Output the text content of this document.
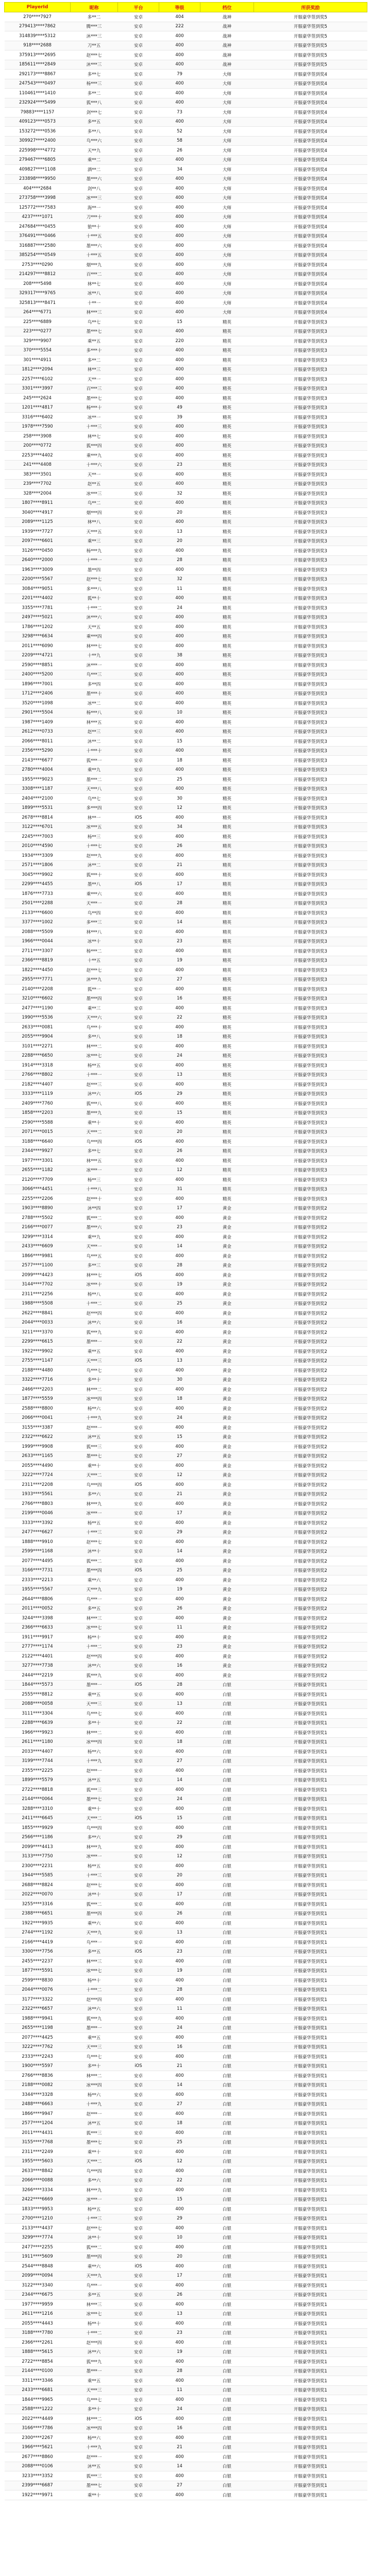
PlayerId	昵称	平台	等级	档位	所获奖励
270****7927	多**二	安卓	404	战神	开服豪华签到奖5
279413****7862	腾***三	安卓	222	战神	开服豪华签到奖5
314839****5312	沐***三	安卓	400	战神	开服豪华签到奖5
918****2688	刀**五	安卓	400	战神	开服豪华签到奖5
375913****2695	赵***七	安卓	400	战神	开服豪华签到奖5
185611****2849	沐***三	安卓	400	战神	开服豪华签到奖5
292173****8867	多**七	安卓	79	大师	开服豪华签到奖4
247543****0497	杨***三	安卓	400	大师	开服豪华签到奖4
110461****1410	多**二	安卓	400	大师	开服豪华签到奖4
232924****5499	狐***八	安卓	400	大师	开服豪华签到奖4
79883****1157	剑***七	安卓	73	大师	开服豪华签到奖4
409123****0573	多**五	安卓	400	大师	开服豪华签到奖4
153272****0536	多**八	安卓	52	大师	开服豪华签到奖4
309927****2400	鸟***六	安卓	58	大师	开服豪华签到奖4
225998****4772	天**九	安卓	26	大师	开服豪华签到奖4
279467****6805	乘**二	安卓	400	大师	开服豪华签到奖4
409827****1108	酒**二	安卓	34	大师	开服豪华签到奖4
233898****9950	墨***六	安卓	400	大师	开服豪华签到奖4
404****2684	剑**八	安卓	400	大师	开服豪华签到奖4
273758****3998	冰***三	安卓	400	大师	开服豪华签到奖4
125772****7583	海**一	安卓	400	大师	开服豪华签到奖4
4237****1071	刀***十	安卓	400	大师	开服豪华签到奖4
247684****0455	狼**十	安卓	400	大师	开服豪华签到奖4
376491****0466	十***五	安卓	400	大师	开服豪华签到奖4
316887****2580	墨***六	安卓	400	大师	开服豪华签到奖4
385254****0549	十***五	安卓	400	大师	开服豪华签到奖4
2753****0290	烟***九	安卓	400	大师	开服豪华签到奖4
214297****8812	百***二	安卓	400	大师	开服豪华签到奖4
208****5498	林**七	安卓	400	大师	开服豪华签到奖4
329317****9765	冰**八	安卓	400	大师	开服豪华签到奖4
325813****8471	十**一	安卓	400	大师	开服豪华签到奖4
264****6771	林***三	安卓	400	大师	开服豪华签到奖4
225****6889	鸟**七	安卓	15	精英	开服豪华签到奖3
223****0277	墨***七	安卓	400	精英	开服豪华签到奖3
329****9907	乘**五	安卓	220	精英	开服豪华签到奖3
370****5554	多***十	安卓	400	精英	开服豪华签到奖3
301****4911	多**二	安卓	400	精英	开服豪华签到奖3
1812****2094	林**三	安卓	400	精英	开服豪华签到奖3
2257****6102	天**一	安卓	400	精英	开服豪华签到奖3
3301****3997	百***三	安卓	400	精英	开服豪华签到奖3
245****2624	墨***七	安卓	400	精英	开服豪华签到奖3
1201****4817	杨***十	安卓	49	精英	开服豪华签到奖3
3316****6402	冰**一	安卓	39	精英	开服豪华签到奖3
1978****7590	十***三	安卓	400	精英	开服豪华签到奖3
258****3908	林**七	安卓	400	精英	开服豪华签到奖3
200****0772	狐***四	安卓	400	精英	开服豪华签到奖3
2253****4402	乘***九	安卓	400	精英	开服豪华签到奖3
241****4408	十***六	安卓	23	精英	开服豪华签到奖3
383****3501	天**一	安卓	400	精英	开服豪华签到奖3
239****7702	赵**五	安卓	400	精英	开服豪华签到奖3
328****2004	冰***三	安卓	32	精英	开服豪华签到奖3
1807****8911	鸟**二	安卓	400	精英	开服豪华签到奖3
3040****4917	烟***四	安卓	20	精英	开服豪华签到奖3
2089****1125	林**八	安卓	400	精英	开服豪华签到奖3
1939****7727	天***五	安卓	13	精英	开服豪华签到奖3
2097****6601	乘**三	安卓	20	精英	开服豪华签到奖3
3126****0450	杨***九	安卓	400	精英	开服豪华签到奖3
2640****2000	十***一	安卓	28	精英	开服豪华签到奖3
1963****3009	墨**四	安卓	400	精英	开服豪华签到奖3
2200****5567	赵***七	安卓	32	精英	开服豪华签到奖3
3084****9051	多***八	安卓	11	精英	开服豪华签到奖3
2201****4402	狐**十	安卓	400	精英	开服豪华签到奖3
3355****7781	十***二	安卓	24	精英	开服豪华签到奖3
2497****5021	沐***六	安卓	400	精英	开服豪华签到奖3
1786****1202	天**五	安卓	400	精英	开服豪华签到奖3
3298****6634	乘***四	安卓	400	精英	开服豪华签到奖3
2011****6090	林***七	安卓	400	精英	开服豪华签到奖3
2209****4721	十**九	安卓	38	精英	开服豪华签到奖3
2590****8851	沐***一	安卓	400	精英	开服豪华签到奖3
2400****5200	鸟***三	安卓	400	精英	开服豪华签到奖3
1896****7001	多**四	安卓	400	精英	开服豪华签到奖3
1712****2406	墨***十	安卓	400	精英	开服豪华签到奖3
3520****1098	冰**二	安卓	400	精英	开服豪华签到奖3
2901****5504	杨***八	安卓	10	精英	开服豪华签到奖3
1987****1409	林***五	安卓	400	精英	开服豪华签到奖3
2612****0733	赵**三	安卓	400	精英	开服豪华签到奖3
2066****8011	沐**二	安卓	15	精英	开服豪华签到奖3
2356****5290	十***十	安卓	400	精英	开服豪华签到奖3
2143****6677	狐***一	安卓	18	精英	开服豪华签到奖3
2780****4004	乘**九	安卓	400	精英	开服豪华签到奖3
1955****9023	墨***二	安卓	25	精英	开服豪华签到奖3
3308****1187	天***八	安卓	400	精英	开服豪华签到奖3
2404****2100	鸟**七	安卓	30	精英	开服豪华签到奖3
1899****5531	多***四	安卓	12	精英	开服豪华签到奖3
2678****8814	林**一	iOS	400	精英	开服豪华签到奖3
3122****6701	冰***五	安卓	34	精英	开服豪华签到奖3
2245****7003	杨**三	安卓	400	精英	开服豪华签到奖3
2010****4590	十***七	安卓	26	精英	开服豪华签到奖3
1934****3309	赵***九	安卓	400	精英	开服豪华签到奖3
2571****1806	沐**二	安卓	21	精英	开服豪华签到奖3
3045****9902	狐***十	安卓	400	精英	开服豪华签到奖3
2299****4455	墨**八	iOS	17	精英	开服豪华签到奖3
1876****7733	乘***六	安卓	400	精英	开服豪华签到奖3
2501****2288	天***一	安卓	28	精英	开服豪华签到奖3
2133****6600	鸟**四	安卓	400	精英	开服豪华签到奖3
3377****1002	多***三	安卓	14	精英	开服豪华签到奖3
2088****5509	林***八	安卓	400	精英	开服豪华签到奖3
1966****0044	冰**十	安卓	23	精英	开服豪华签到奖3
2711****3307	杨***二	安卓	400	精英	开服豪华签到奖3
2366****8819	十**五	安卓	19	精英	开服豪华签到奖3
1822****4450	赵***七	安卓	400	精英	开服豪华签到奖3
2955****7771	沐***九	安卓	27	精英	开服豪华签到奖3
2140****2208	狐**一	安卓	400	精英	开服豪华签到奖3
3210****6602	墨***四	安卓	16	精英	开服豪华签到奖3
2477****1190	乘**三	安卓	400	精英	开服豪华签到奖3
1990****5536	天***六	安卓	22	精英	开服豪华签到奖3
2633****0081	鸟***十	安卓	400	精英	开服豪华签到奖3
2055****9904	多**八	安卓	18	精英	开服豪华签到奖3
3101****2271	林***二	安卓	400	精英	开服豪华签到奖3
2288****6650	冰***七	安卓	24	精英	开服豪华签到奖3
1914****3318	杨**五	安卓	400	精英	开服豪华签到奖3
2766****8802	十***一	安卓	13	精英	开服豪华签到奖3
2182****4407	赵***三	安卓	400	精英	开服豪华签到奖3
3333****1119	沐**六	iOS	29	精英	开服豪华签到奖3
2409****7760	狐***八	安卓	400	精英	开服豪华签到奖3
1858****2203	墨***九	安卓	15	精英	开服豪华签到奖3
2590****5588	乘**十	安卓	400	精英	开服豪华签到奖3
2071****0015	天***二	安卓	20	精英	开服豪华签到奖3
3188****6640	鸟***四	iOS	400	精英	开服豪华签到奖3
2344****9927	多**七	安卓	26	精英	开服豪华签到奖3
1977****3301	林***五	安卓	400	精英	开服豪华签到奖3
2655****1182	冰***一	安卓	12	精英	开服豪华签到奖3
2120****7709	杨**三	安卓	400	精英	开服豪华签到奖3
3066****4451	十***八	安卓	31	精英	开服豪华签到奖3
2255****2206	赵***十	安卓	400	精英	开服豪华签到奖3
1903****8890	沐**四	安卓	17	黄金	开服豪华签到奖2
2788****5502	狐***二	安卓	400	黄金	开服豪华签到奖2
2166****0077	墨***六	安卓	23	黄金	开服豪华签到奖2
3299****3314	乘**九	安卓	400	黄金	开服豪华签到奖2
2433****6609	天***一	安卓	14	黄金	开服豪华签到奖2
1866****9981	鸟***五	安卓	400	黄金	开服豪华签到奖2
2577****1100	多**三	安卓	28	黄金	开服豪华签到奖2
2099****4423	林***七	iOS	400	黄金	开服豪华签到奖2
3144****7702	冰***十	安卓	19	黄金	开服豪华签到奖2
2311****2256	杨**八	安卓	400	黄金	开服豪华签到奖2
1988****5508	十***二	安卓	25	黄金	开服豪华签到奖2
2622****8841	赵***四	安卓	400	黄金	开服豪华签到奖2
2044****0033	沐**六	安卓	16	黄金	开服豪华签到奖2
3211****3370	狐***九	安卓	400	黄金	开服豪华签到奖2
2299****6615	墨***一	安卓	22	黄金	开服豪华签到奖2
1922****9902	乘**五	安卓	400	黄金	开服豪华签到奖2
2755****1147	天***三	iOS	13	黄金	开服豪华签到奖2
2188****4480	鸟***七	安卓	400	黄金	开服豪华签到奖2
3322****7716	多**十	安卓	30	黄金	开服豪华签到奖2
2466****2203	林***二	安卓	400	黄金	开服豪华签到奖2
1877****5559	冰***四	安卓	18	黄金	开服豪华签到奖2
2588****8800	杨**六	安卓	400	黄金	开服豪华签到奖2
2066****0041	十***九	安卓	24	黄金	开服豪华签到奖2
3155****3387	赵***一	安卓	400	黄金	开服豪华签到奖2
2322****6622	沐**五	安卓	15	黄金	开服豪华签到奖2
1999****9908	狐***三	安卓	400	黄金	开服豪华签到奖2
2633****1165	墨***七	安卓	27	黄金	开服豪华签到奖2
2055****4490	乘**十	安卓	400	黄金	开服豪华签到奖2
3222****7724	天***二	安卓	12	黄金	开服豪华签到奖2
2311****2208	鸟***四	iOS	400	黄金	开服豪华签到奖2
1933****5561	多**六	安卓	21	黄金	开服豪华签到奖2
2766****8803	林***九	安卓	400	黄金	开服豪华签到奖2
2199****0046	冰***一	安卓	17	黄金	开服豪华签到奖2
3333****3392	杨**五	安卓	400	黄金	开服豪华签到奖2
2477****6627	十***三	安卓	29	黄金	开服豪华签到奖2
1888****9910	赵***七	安卓	400	黄金	开服豪华签到奖2
2599****1168	沐**十	安卓	14	黄金	开服豪华签到奖2
2077****4495	狐***二	安卓	400	黄金	开服豪华签到奖2
3166****7731	墨***四	iOS	25	黄金	开服豪华签到奖2
2333****2213	乘**六	安卓	400	黄金	开服豪华签到奖2
1955****5567	天***九	安卓	19	黄金	开服豪华签到奖2
2644****8806	鸟***一	安卓	400	黄金	开服豪华签到奖2
2011****0052	多**五	安卓	26	黄金	开服豪华签到奖2
3244****3398	林***三	安卓	400	黄金	开服豪华签到奖2
2366****6633	冰***七	安卓	11	黄金	开服豪华签到奖2
1911****9917	杨**十	安卓	400	黄金	开服豪华签到奖2
2777****1174	十***二	安卓	23	黄金	开服豪华签到奖2
2122****4401	赵***四	安卓	400	黄金	开服豪华签到奖2
3277****7738	沐**六	安卓	16	黄金	开服豪华签到奖2
2444****2219	狐***九	安卓	400	黄金	开服豪华签到奖2
1844****5573	墨***一	iOS	28	白银	开服豪华签到奖1
2555****8812	乘**五	安卓	400	白银	开服豪华签到奖1
2088****0058	天***三	安卓	13	白银	开服豪华签到奖1
3111****3304	鸟***七	安卓	400	白银	开服豪华签到奖1
2288****6639	多**十	安卓	22	白银	开服豪华签到奖1
1966****9923	林***二	安卓	400	白银	开服豪华签到奖1
2611****1180	冰***四	安卓	18	白银	开服豪华签到奖1
2033****4407	杨**六	安卓	400	白银	开服豪华签到奖1
3199****7744	十***九	安卓	27	白银	开服豪华签到奖1
2355****2225	赵***一	安卓	400	白银	开服豪华签到奖1
1899****5579	沐**五	安卓	14	白银	开服豪华签到奖1
2722****8818	狐***三	安卓	400	白银	开服豪华签到奖1
2144****0064	墨***七	安卓	24	白银	开服豪华签到奖1
3288****3310	乘**十	安卓	400	白银	开服豪华签到奖1
2411****6645	天***二	iOS	15	白银	开服豪华签到奖1
1855****9929	鸟***四	安卓	400	白银	开服豪华签到奖1
2566****1186	多**六	安卓	29	白银	开服豪华签到奖1
2099****4413	林***九	安卓	400	白银	开服豪华签到奖1
3133****7750	冰***一	安卓	12	白银	开服豪华签到奖1
2300****2231	杨**五	安卓	400	白银	开服豪华签到奖1
1944****5585	十***三	安卓	20	白银	开服豪华签到奖1
2688****8824	赵***七	安卓	400	白银	开服豪华签到奖1
2022****0070	沐**十	安卓	17	白银	开服豪华签到奖1
3255****3316	狐***二	安卓	400	白银	开服豪华签到奖1
2388****6651	墨***四	安卓	26	白银	开服豪华签到奖1
1922****9935	乘**六	安卓	400	白银	开服豪华签到奖1
2744****1192	天***九	安卓	13	白银	开服豪华签到奖1
2166****4419	鸟***一	安卓	400	白银	开服豪华签到奖1
3300****7756	多**五	iOS	23	白银	开服豪华签到奖1
2455****2237	林***三	安卓	400	白银	开服豪华签到奖1
1877****5591	冰***七	安卓	19	白银	开服豪华签到奖1
2599****8830	杨**十	安卓	400	白银	开服豪华签到奖1
2044****0076	十***二	安卓	28	白银	开服豪华签到奖1
3177****3322	赵***四	安卓	400	白银	开服豪华签到奖1
2322****6657	沐**六	安卓	11	白银	开服豪华签到奖1
1988****9941	狐***九	安卓	400	白银	开服豪华签到奖1
2655****1198	墨***一	安卓	24	白银	开服豪华签到奖1
2077****4425	乘**五	安卓	400	白银	开服豪华签到奖1
3222****7762	天***三	安卓	16	白银	开服豪华签到奖1
2333****2243	鸟***七	安卓	400	白银	开服豪华签到奖1
1900****5597	多**十	iOS	21	白银	开服豪华签到奖1
2766****8836	林***二	安卓	400	白银	开服豪华签到奖1
2188****0082	冰***四	安卓	14	白银	开服豪华签到奖1
3344****3328	杨**六	安卓	400	白银	开服豪华签到奖1
2488****6663	十***九	安卓	27	白银	开服豪华签到奖1
1866****9947	赵***一	安卓	400	白银	开服豪华签到奖1
2577****1204	沐**五	安卓	18	白银	开服豪华签到奖1
2011****4431	狐***三	安卓	400	白银	开服豪华签到奖1
3155****7768	墨***七	安卓	25	白银	开服豪华签到奖1
2311****2249	乘**十	安卓	400	白银	开服豪华签到奖1
1955****5603	天***二	iOS	12	白银	开服豪华签到奖1
2633****8842	鸟***四	安卓	400	白银	开服豪华签到奖1
2066****0088	多**六	安卓	22	白银	开服豪华签到奖1
3266****3334	林***九	安卓	400	白银	开服豪华签到奖1
2422****6669	冰***一	安卓	15	白银	开服豪华签到奖1
1833****9953	杨**五	安卓	400	白银	开服豪华签到奖1
2700****1210	十***三	安卓	29	白银	开服豪华签到奖1
2133****4437	赵***七	安卓	400	白银	开服豪华签到奖1
3299****7774	沐**十	安卓	10	白银	开服豪华签到奖1
2477****2255	狐***二	安卓	400	白银	开服豪华签到奖1
1911****5609	墨***四	安卓	20	白银	开服豪华签到奖1
2544****8848	乘**六	iOS	400	白银	开服豪华签到奖1
2099****0094	天***九	安卓	17	白银	开服豪华签到奖1
3122****3340	鸟***一	安卓	400	白银	开服豪华签到奖1
2344****6675	多**五	安卓	26	白银	开服豪华签到奖1
1977****9959	林***三	安卓	400	白银	开服豪华签到奖1
2611****1216	冰***七	安卓	13	白银	开服豪华签到奖1
2055****4443	杨**十	安卓	400	白银	开服豪华签到奖1
3188****7780	十***二	安卓	23	白银	开服豪华签到奖1
2366****2261	赵***四	安卓	400	白银	开服豪华签到奖1
1888****5615	沐**六	安卓	19	白银	开服豪华签到奖1
2722****8854	狐***九	安卓	400	白银	开服豪华签到奖1
2144****0100	墨***一	安卓	28	白银	开服豪华签到奖1
3311****3346	乘**五	安卓	400	白银	开服豪华签到奖1
2433****6681	天***三	安卓	11	白银	开服豪华签到奖1
1844****9965	鸟***七	安卓	400	白银	开服豪华签到奖1
2588****1222	多**十	安卓	24	白银	开服豪华签到奖1
2022****4449	林***二	iOS	400	白银	开服豪华签到奖1
3166****7786	冰***四	安卓	16	白银	开服豪华签到奖1
2300****2267	杨**六	安卓	400	白银	开服豪华签到奖1
1966****5621	十***九	安卓	21	白银	开服豪华签到奖1
2677****8860	赵***一	安卓	400	白银	开服豪华签到奖1
2088****0106	沐**五	安卓	14	白银	开服豪华签到奖1
3233****3352	狐***三	安卓	400	白银	开服豪华签到奖1
2399****6687	墨***七	安卓	27	白银	开服豪华签到奖1
1922****9971	乘**十	安卓	400	白银	开服豪华签到奖1
